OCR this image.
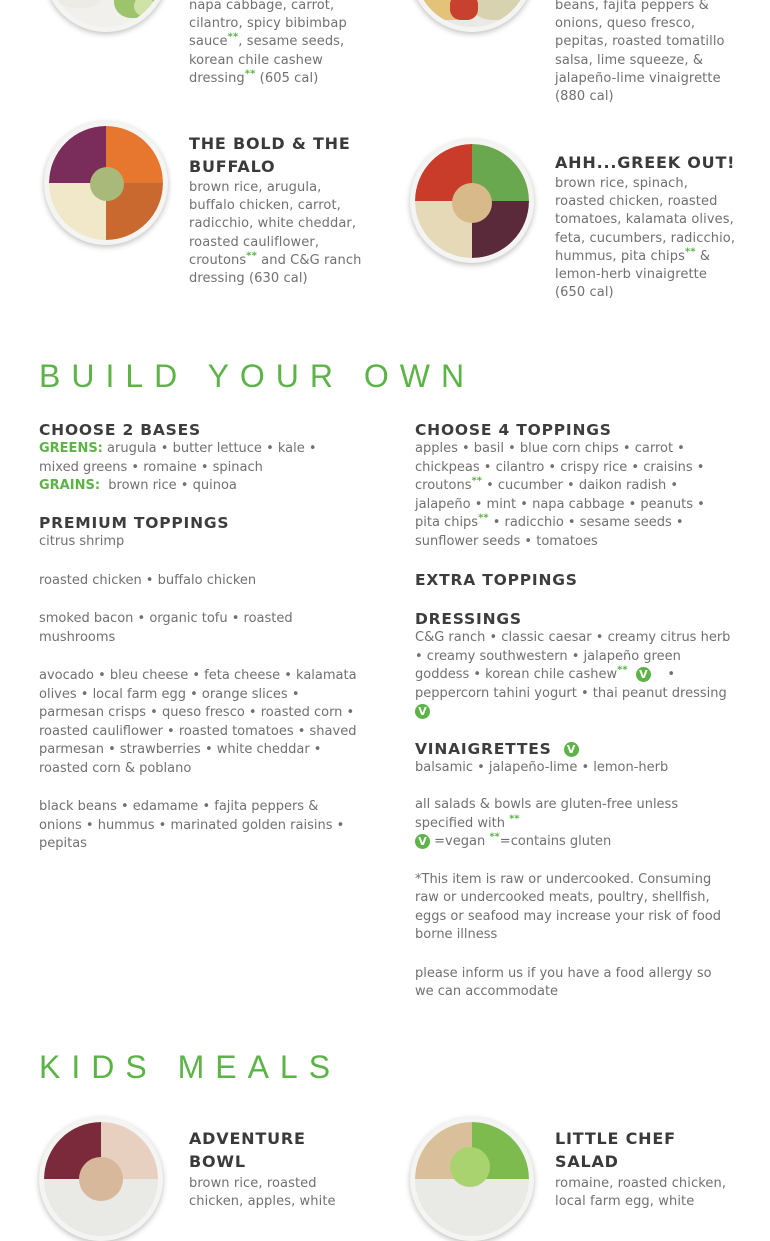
napa cabbage, carrot,
cilantro, spicy bibimbap
sauce**, sesame seeds,
korean chile cashew
dressing** (605 cal)
beans, fajita peppers &
onions, queso fresco,
pepitas, roasted tomatillo
salsa, lime squeeze, &
jalapeño-lime vinaigrette
(880 cal)

THE BOLD & THE
BUFFALO

brown rice, arugula, buffalo chicken, carrot, radicchio, white cheddar, roasted cauliflower, croutons** and C&G ranch dressing (630 cal)

AHH...GREEK OUT!

brown rice, spinach, roasted chicken, roasted tomatoes, kalamata olives, feta, cucumbers, radicchio, hummus, pita chips** & lemon-herb vinaigrette (650 cal)

BUILD YOUR OWN

CHOOSE 2 BASES

GREENS: arugula • butter lettuce • kale • mixed greens • romaine • spinach

GRAINS: brown rice • quinoa

PREMIUM TOPPINGS

citrus shrimp

roasted chicken • buffalo chicken

smoked bacon • organic tofu • roasted mushrooms

avocado • bleu cheese • feta cheese • kalamata olives • local farm egg • orange slices • parmesan crisps • queso fresco • roasted corn • roasted cauliflower • roasted tomatoes • shaved parmesan • strawberries • white cheddar • roasted corn & poblano

black beans • edamame • fajita peppers & onions • hummus • marinated golden raisins • pepitas

CHOOSE 4 TOPPINGS

apples • basil • blue corn chips • carrot • chickpeas • cilantro • crispy rice • craisins • croutons** • cucumber • daikon radish • jalapeño • mint • napa cabbage • peanuts • pita chips** • radicchio • sesame seeds • sunflower seeds • tomatoes

EXTRA TOPPINGS

DRESSINGS

C&G ranch • classic caesar • creamy citrus herb • creamy southwestern • jalapeño green goddess • korean chile cashew** V • peppercorn tahini yogurt • thai peanut dressing  V

VINAIGRETTES V

balsamic • jalapeño-lime • lemon-herb

all salads & bowls are gluten-free unless specified with **
V =vegan **=contains gluten

*This item is raw or undercooked. Consuming raw or undercooked meats, poultry, shellfish, eggs or seafood may increase your risk of food borne illness

please inform us if you have a food allergy so we can accommodate

KIDS MEALS

ADVENTURE BOWL

brown rice, roasted chicken, apples, white

LITTLE CHEF SALAD

romaine, roasted chicken, local farm egg, white
